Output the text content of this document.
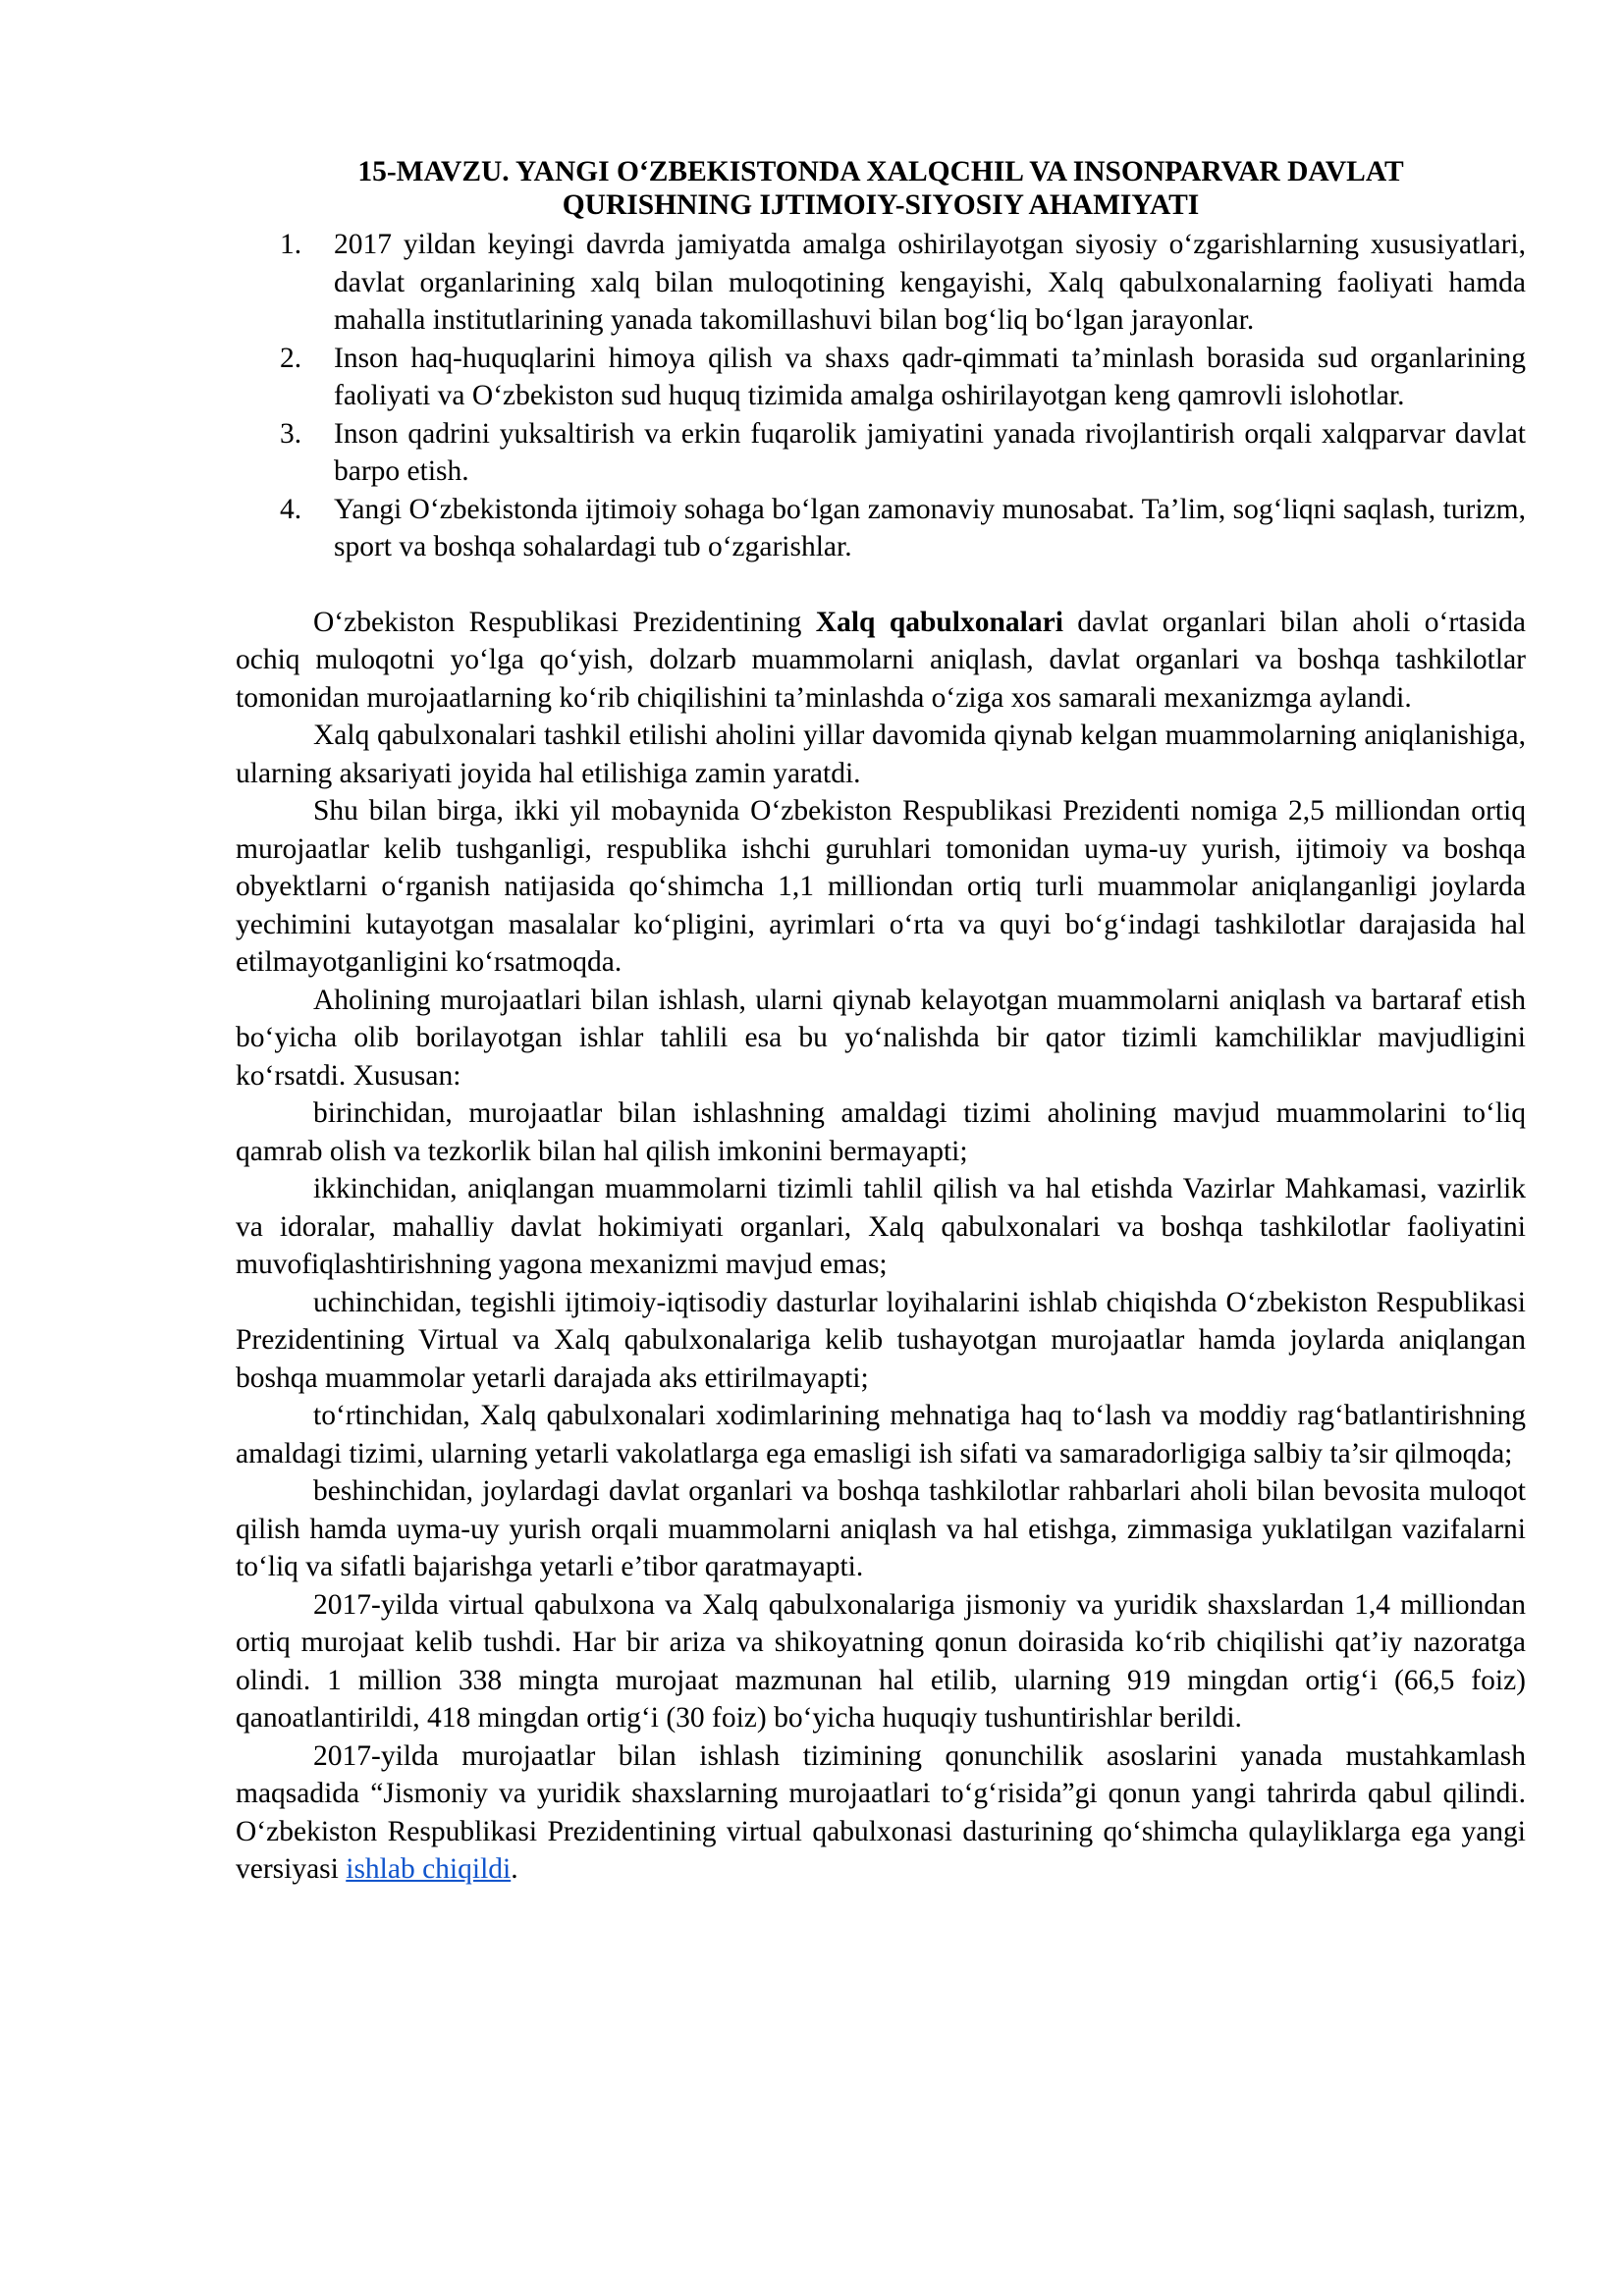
15-MAVZU. YANGI O‘ZBEKISTONDA XALQCHIL VA INSONPARVAR DAVLAT
QURISHNING IJTIMOIY-SIYOSIY AHAMIYATI
1. 2017 yildan keyingi davrda jamiyatda amalga oshirilayotgan siyosiy o‘zgarishlarning xususiyatlari, davlat organlarining xalq bilan muloqotining kengayishi, Xalq qabulxonalarning faoliyati hamda mahalla institutlarining yanada takomillashuvi bilan bog‘liq bo‘lgan jarayonlar.
2. Inson haq-huquqlarini himoya qilish va shaxs qadr-qimmati ta’minlash borasida sud organlarining faoliyati va O‘zbekiston sud huquq tizimida amalga oshirilayotgan keng qamrovli islohotlar.
3. Inson qadrini yuksaltirish va erkin fuqarolik jamiyatini yanada rivojlantirish orqali xalqparvar davlat barpo etish.
4. Yangi O‘zbekistonda ijtimoiy sohaga bo‘lgan zamonaviy munosabat. Ta’lim, sog‘liqni saqlash, turizm, sport va boshqa sohalardagi tub o‘zgarishlar.

O‘zbekiston Respublikasi Prezidentining Xalq qabulxonalari davlat organlari bilan aholi o‘rtasida ochiq muloqotni yo‘lga qo‘yish, dolzarb muammolarni aniqlash, davlat organlari va boshqa tashkilotlar tomonidan murojaatlarning ko‘rib chiqilishini ta’minlashda o‘ziga xos samarali mexanizmga aylandi.

Xalq qabulxonalari tashkil etilishi aholini yillar davomida qiynab kelgan muammolarning aniqlanishiga, ularning aksariyati joyida hal etilishiga zamin yaratdi.

Shu bilan birga, ikki yil mobaynida O‘zbekiston Respublikasi Prezidenti nomiga 2,5 milliondan ortiq murojaatlar kelib tushganligi, respublika ishchi guruhlari tomonidan uyma-uy yurish, ijtimoiy va boshqa obyektlarni o‘rganish natijasida qo‘shimcha 1,1 milliondan ortiq turli muammolar aniqlanganligi joylarda yechimini kutayotgan masalalar ko‘pligini, ayrimlari o‘rta va quyi bo‘g‘indagi tashkilotlar darajasida hal etilmayotganligini ko‘rsatmoqda.

Aholining murojaatlari bilan ishlash, ularni qiynab kelayotgan muammolarni aniqlash va bartaraf etish bo‘yicha olib borilayotgan ishlar tahlili esa bu yo‘nalishda bir qator tizimli kamchiliklar mavjudligini ko‘rsatdi. Xususan:

birinchidan, murojaatlar bilan ishlashning amaldagi tizimi aholining mavjud muammolarini to‘liq qamrab olish va tezkorlik bilan hal qilish imkonini bermayapti;

ikkinchidan, aniqlangan muammolarni tizimli tahlil qilish va hal etishda Vazirlar Mahkamasi, vazirlik va idoralar, mahalliy davlat hokimiyati organlari, Xalq qabulxonalari va boshqa tashkilotlar faoliyatini muvofiqlashtirishning yagona mexanizmi mavjud emas;

uchinchidan, tegishli ijtimoiy-iqtisodiy dasturlar loyihalarini ishlab chiqishda O‘zbekiston Respublikasi Prezidentining Virtual va Xalq qabulxonalariga kelib tushayotgan murojaatlar hamda joylarda aniqlangan boshqa muammolar yetarli darajada aks ettirilmayapti;

to‘rtinchidan, Xalq qabulxonalari xodimlarining mehnatiga haq to‘lash va moddiy rag‘batlantirishning amaldagi tizimi, ularning yetarli vakolatlarga ega emasligi ish sifati va samaradorligiga salbiy ta’sir qilmoqda;

beshinchidan, joylardagi davlat organlari va boshqa tashkilotlar rahbarlari aholi bilan bevosita muloqot qilish hamda uyma-uy yurish orqali muammolarni aniqlash va hal etishga, zimmasiga yuklatilgan vazifalarni to‘liq va sifatli bajarishga yetarli e’tibor qaratmayapti.

2017-yilda virtual qabulxona va Xalq qabulxonalariga jismoniy va yuridik shaxslardan 1,4 milliondan ortiq murojaat kelib tushdi. Har bir ariza va shikoyatning qonun doirasida ko‘rib chiqilishi qat’iy nazoratga olindi. 1 million 338 mingta murojaat mazmunan hal etilib, ularning 919 mingdan ortig‘i (66,5 foiz) qanoatlantirildi, 418 mingdan ortig‘i (30 foiz) bo‘yicha huquqiy tushuntirishlar berildi.

2017-yilda murojaatlar bilan ishlash tizimining qonunchilik asoslarini yanada mustahkamlash maqsadida “Jismoniy va yuridik shaxslarning murojaatlari to‘g‘risida”gi qonun yangi tahrirda qabul qilindi. O‘zbekiston Respublikasi Prezidentining virtual qabulxonasi dasturining qo‘shimcha qulayliklarga ega yangi versiyasi ishlab chiqildi.
